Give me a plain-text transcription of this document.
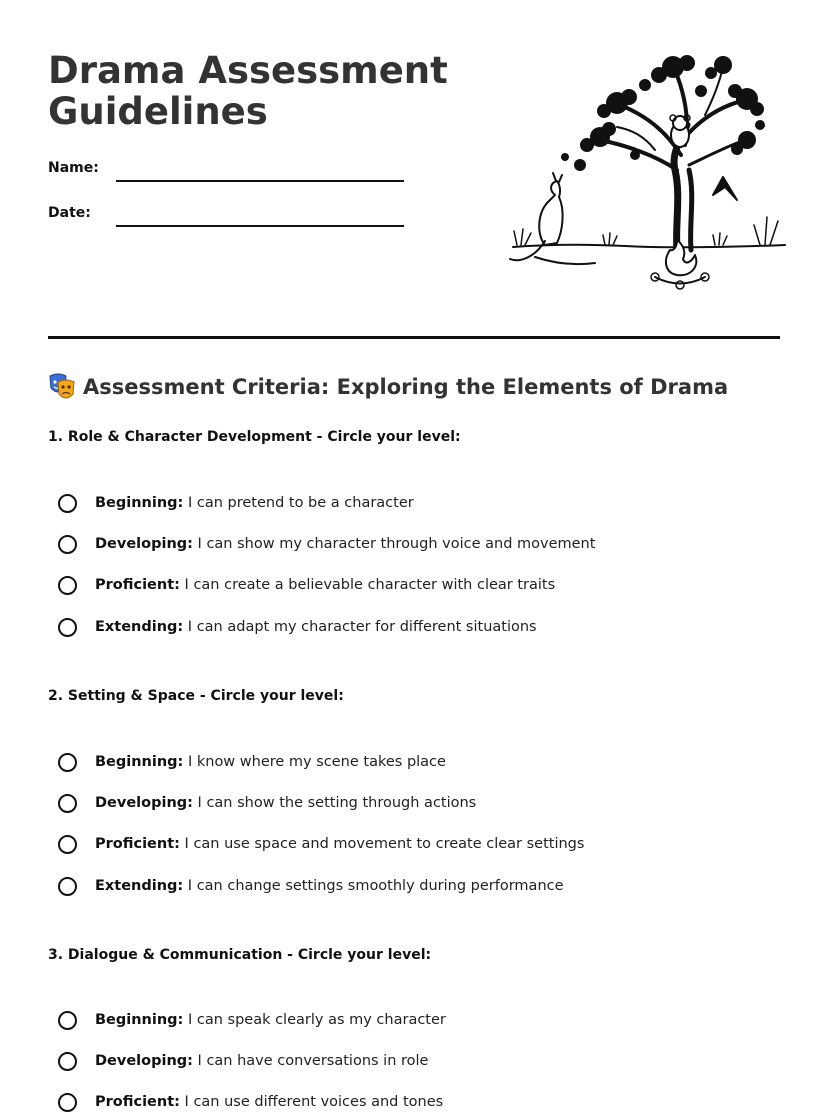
Drama Assessment Guidelines
Name:
Date:
Assessment Criteria: Exploring the Elements of Drama
1. Role & Character Development - Circle your level:
Beginning: I can pretend to be a character
Developing: I can show my character through voice and movement
Proficient: I can create a believable character with clear traits
Extending: I can adapt my character for different situations
2. Setting & Space - Circle your level:
Beginning: I know where my scene takes place
Developing: I can show the setting through actions
Proficient: I can use space and movement to create clear settings
Extending: I can change settings smoothly during performance
3. Dialogue & Communication - Circle your level:
Beginning: I can speak clearly as my character
Developing: I can have conversations in role
Proficient: I can use different voices and tones
